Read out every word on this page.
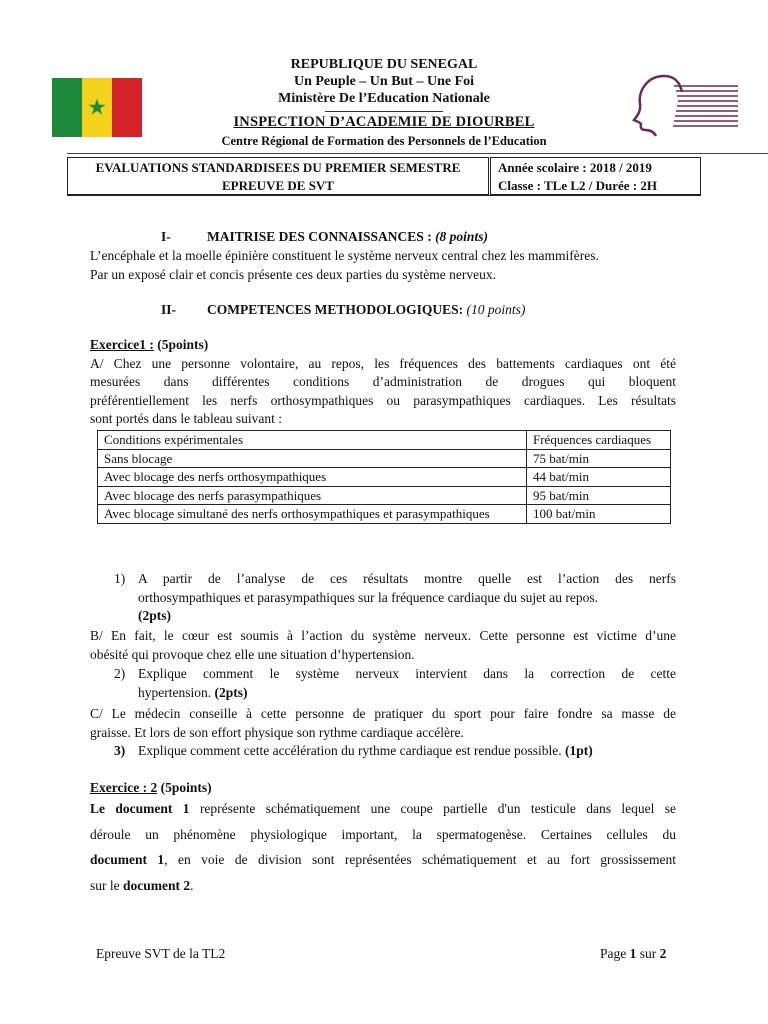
★
REPUBLIQUE DU SENEGAL
Un Peuple – Un But – Une Foi
Ministère De l’Education Nationale
INSPECTION D’ACADEMIE DE DIOURBEL
Centre Régional de Formation des Personnels de l’Education
EVALUATIONS STANDARDISEES DU PREMIER SEMESTRE
EPREUVE DE SVT
Année scolaire : 2018 / 2019
Classe : TLe L2 / Durée : 2H
I-	MAITRISE DES CONNAISSANCES : (8 points)

L’encéphale et la moelle épinière constituent le système nerveux central chez les mammifères.

Par un exposé clair et concis présente ces deux parties du système nerveux.

II- COMPETENCES METHODOLOGIQUES: (10 points)

Exercice1 : (5points)

A/ Chez une personne volontaire, au repos, les fréquences des battements cardiaques ont été

mesurées dans différentes conditions d’administration de drogues qui bloquent

préférentiellement les nerfs orthosympathiques ou parasympathiques cardiaques. Les résultats

sont portés dans le tableau suivant :

Conditions expérimentales	Fréquences cardiaques
Sans blocage	75 bat/min
Avec blocage des nerfs orthosympathiques	44 bat/min
Avec blocage des nerfs parasympathiques	95 bat/min
Avec blocage simultané des nerfs orthosympathiques et parasympathiques	100 bat/min
1) A partir de l’analyse de ces résultats montre quelle est l’action des nerfs
orthosympathiques et parasympathiques sur la fréquence cardiaque du sujet au repos.
(2pts)

B/ En fait, le cœur est soumis à l’action du système nerveux. Cette personne est victime d’une

obésité qui provoque chez elle une situation d’hypertension.

2) Explique comment le système nerveux intervient dans la correction de cette
hypertension. (2pts)

C/ Le médecin conseille à cette personne de pratiquer du sport pour faire fondre sa masse de

graisse. Et lors de son effort physique son rythme cardiaque accélère.

3) Explique comment cette accélération du rythme cardiaque est rendue possible. (1pt)

Exercice : 2 (5points)

Le document 1 représente schématiquement une coupe partielle d'un testicule dans lequel se

déroule un phénomène physiologique important, la spermatogenèse. Certaines cellules du

document 1, en voie de division sont représentées schématiquement et au fort grossissement

sur le document 2.

Epreuve SVT de la TL2	Page 1 sur 2
